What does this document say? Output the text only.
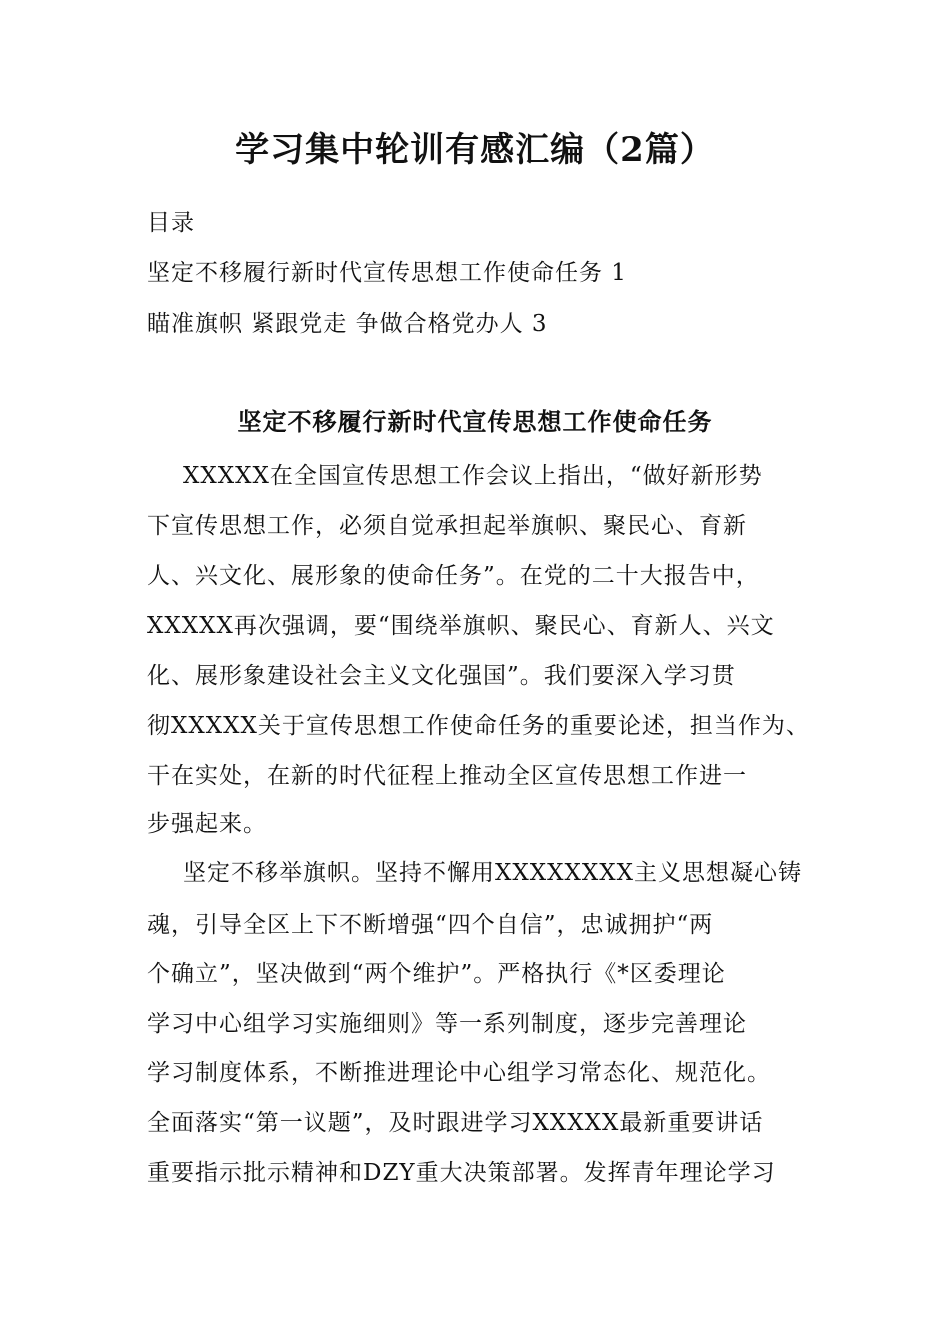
学习集中轮训有感汇编（2篇）

目录

坚定不移履行新时代宣传思想工作使命任务 1

瞄准旗帜 紧跟党走 争做合格党办人 3

坚定不移履行新时代宣传思想工作使命任务

XXXXX在全国宣传思想工作会议上指出，“做好新形势

下宣传思想工作，必须自觉承担起举旗帜、聚民心、育新

人、兴文化、展形象的使命任务”。在党的二十大报告中，

XXXXX再次强调，要“围绕举旗帜、聚民心、育新人、兴文

化、展形象建设社会主义文化强国”。我们要深入学习贯

彻XXXXX关于宣传思想工作使命任务的重要论述，担当作为、

干在实处，在新的时代征程上推动全区宣传思想工作进一

步强起来。

坚定不移举旗帜。坚持不懈用XXXXXXXX主义思想凝心铸

魂，引导全区上下不断增强“四个自信”，忠诚拥护“两

个确立”，坚决做到“两个维护”。严格执行《*区委理论

学习中心组学习实施细则》等一系列制度，逐步完善理论

学习制度体系，不断推进理论中心组学习常态化、规范化。

全面落实“第一议题”，及时跟进学习XXXXX最新重要讲话

重要指示批示精神和DZY重大决策部署。发挥青年理论学习
